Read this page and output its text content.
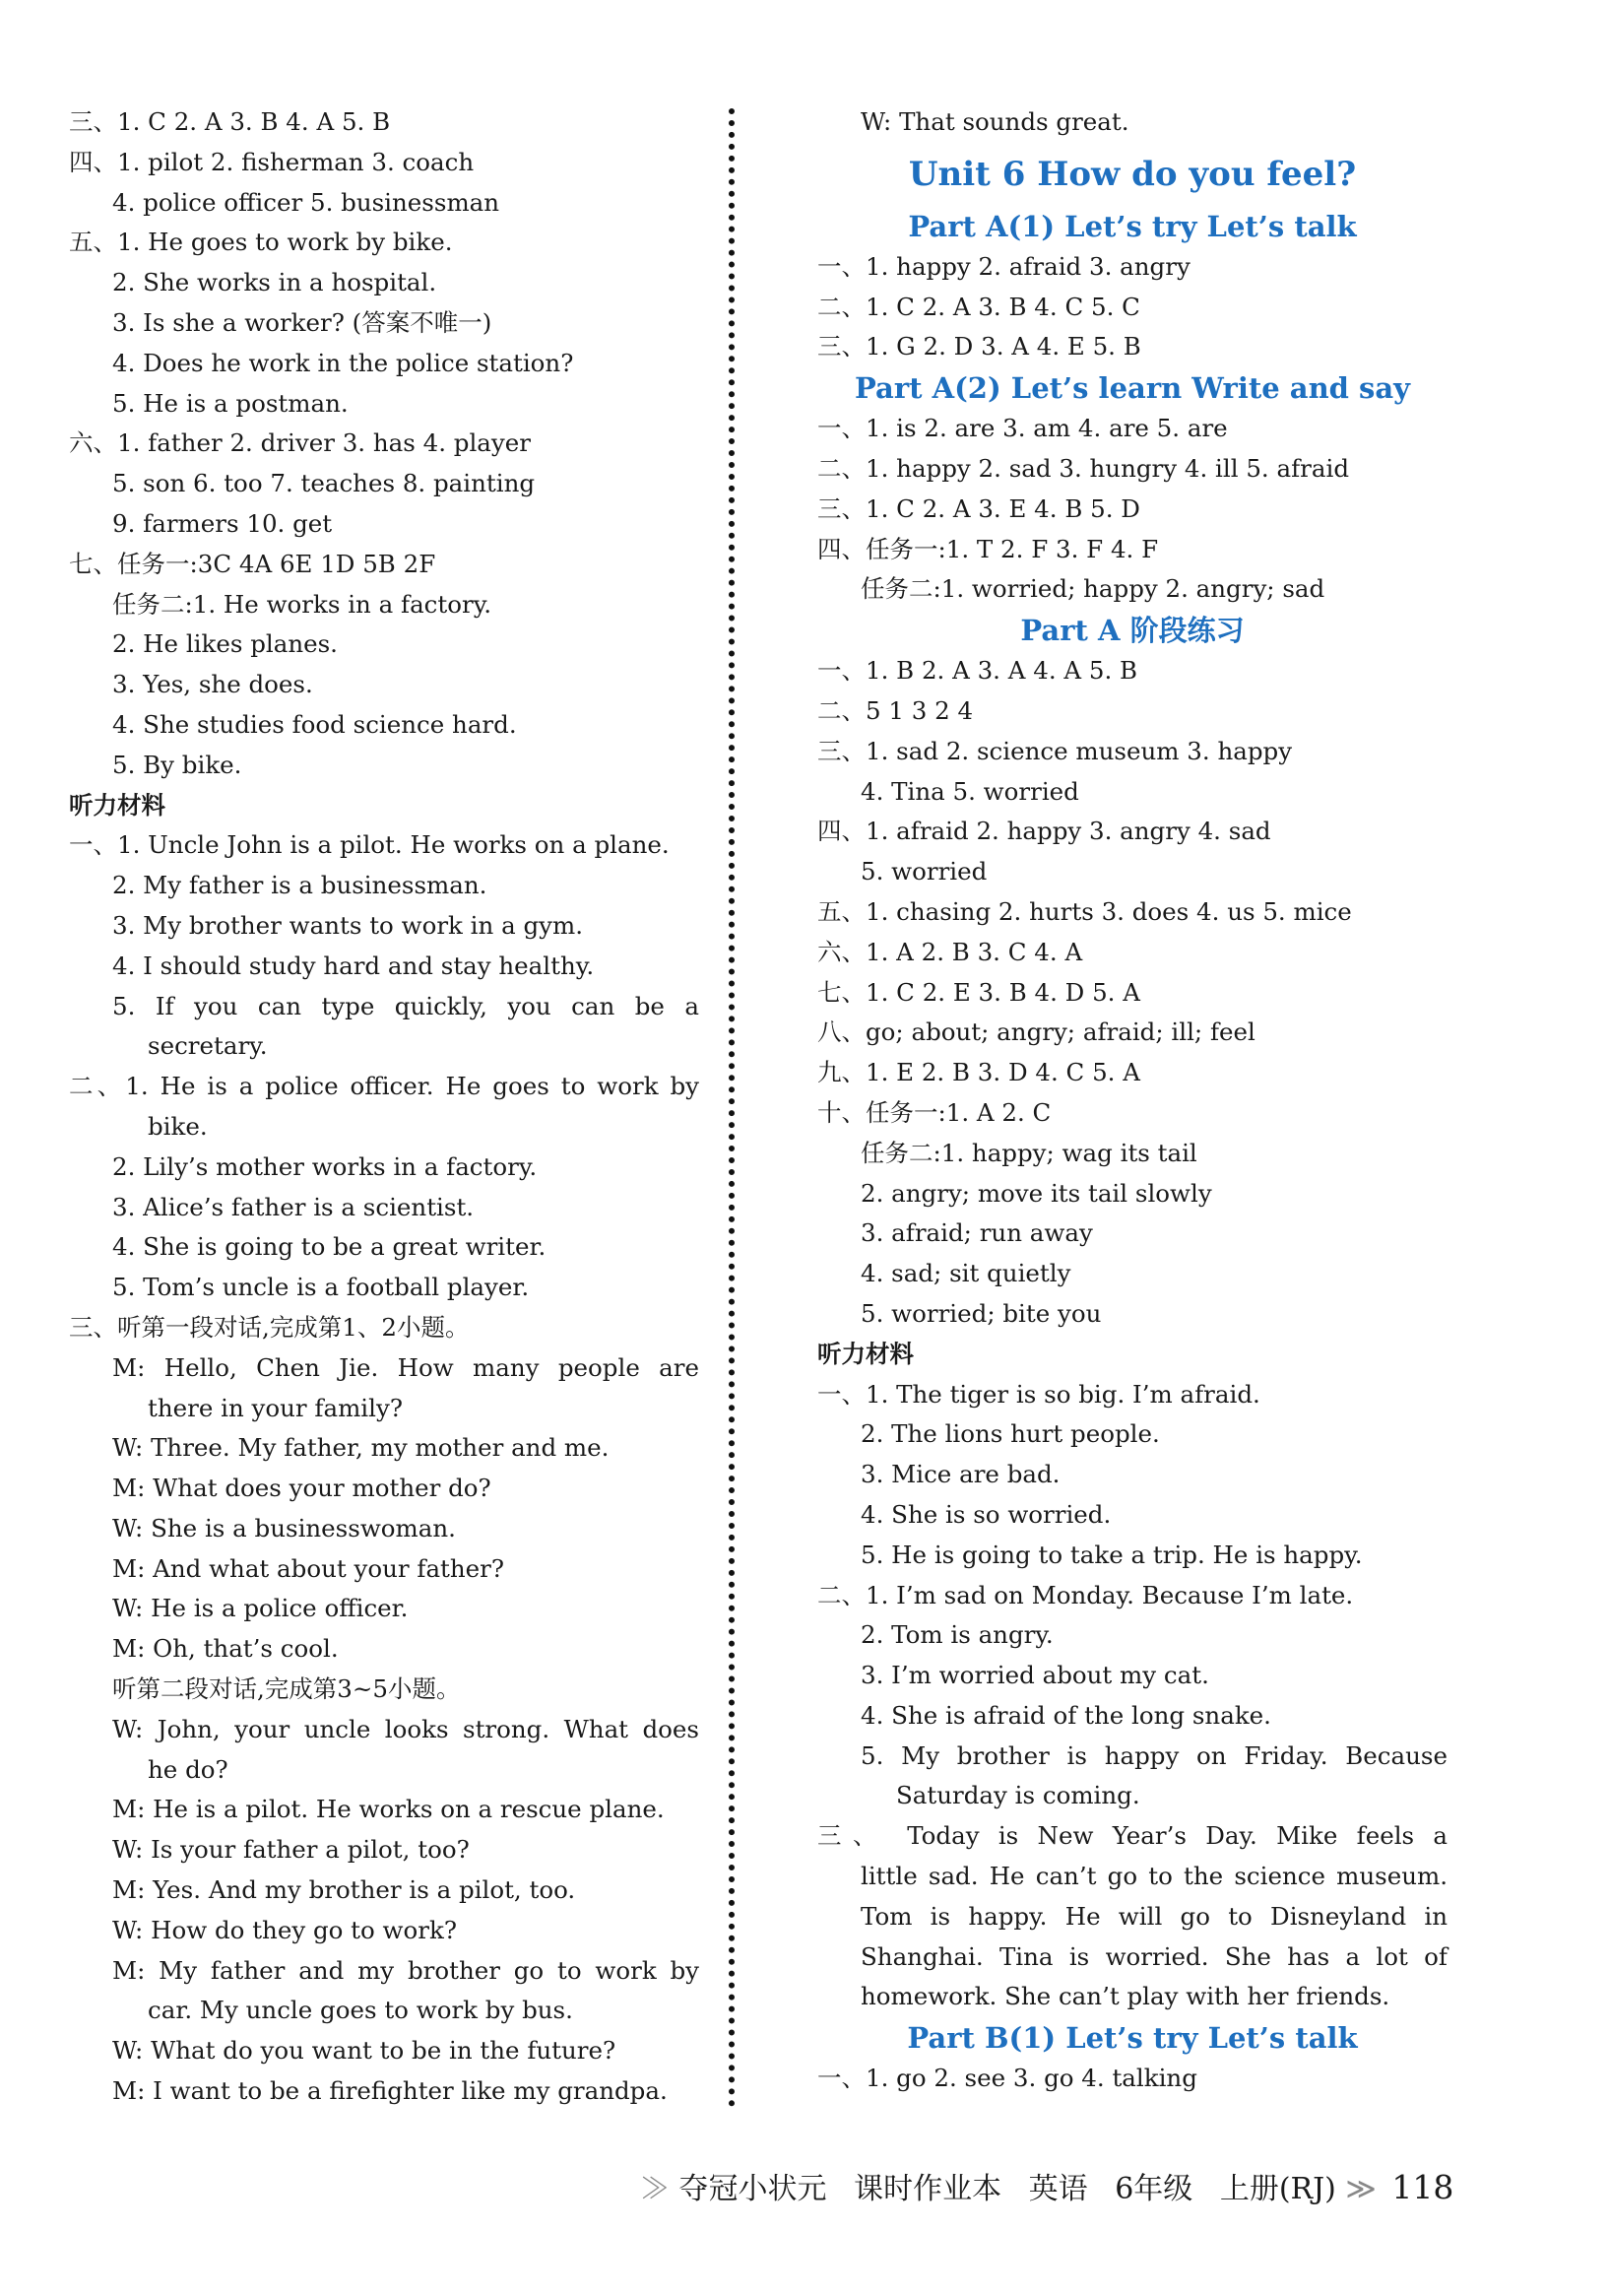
三、1. C 2. A 3. B 4. A 5. B
四、1. pilot 2. fisherman 3. coach
4. police officer 5. businessman
五、1. He goes to work by bike.
2. She works in a hospital.
3. Is she a worker? (答案不唯一)
4. Does he work in the police station?
5. He is a postman.
六、1. father 2. driver 3. has 4. player
5. son 6. too 7. teaches 8. painting
9. farmers 10. get
七、任务一:3C 4A 6E 1D 5B 2F
任务二:1. He works in a factory.
2. He likes planes.
3. Yes, she does.
4. She studies food science hard.
5. By bike.
听力材料
一、1. Uncle John is a pilot. He works on a plane.
2. My father is a businessman.
3. My brother wants to work in a gym.
4. I should study hard and stay healthy.
5. If you can type quickly, you can be a
secretary.
二、1. He is a police officer. He goes to work by
bike.
2. Lily’s mother works in a factory.
3. Alice’s father is a scientist.
4. She is going to be a great writer.
5. Tom’s uncle is a football player.
三、听第一段对话,完成第1、2小题。
M: Hello, Chen Jie. How many people are
there in your family?
W: Three. My father, my mother and me.
M: What does your mother do?
W: She is a businesswoman.
M: And what about your father?
W: He is a police officer.
M: Oh, that’s cool.
听第二段对话,完成第3~5小题。
W: John, your uncle looks strong. What does
he do?
M: He is a pilot. He works on a rescue plane.
W: Is your father a pilot, too?
M: Yes. And my brother is a pilot, too.
W: How do they go to work?
M: My father and my brother go to work by
car. My uncle goes to work by bus.
W: What do you want to be in the future?
M: I want to be a firefighter like my grandpa.
W: That sounds great.
Unit 6 How do you feel?
Part A(1) Let’s try Let’s talk
一、1. happy 2. afraid 3. angry
二、1. C 2. A 3. B 4. C 5. C
三、1. G 2. D 3. A 4. E 5. B
Part A(2) Let’s learn Write and say
一、1. is 2. are 3. am 4. are 5. are
二、1. happy 2. sad 3. hungry 4. ill 5. afraid
三、1. C 2. A 3. E 4. B 5. D
四、任务一:1. T 2. F 3. F 4. F
任务二:1. worried; happy 2. angry; sad
Part A 阶段练习
一、1. B 2. A 3. A 4. A 5. B
二、5 1 3 2 4
三、1. sad 2. science museum 3. happy
4. Tina 5. worried
四、1. afraid 2. happy 3. angry 4. sad
5. worried
五、1. chasing 2. hurts 3. does 4. us 5. mice
六、1. A 2. B 3. C 4. A
七、1. C 2. E 3. B 4. D 5. A
八、go; about; angry; afraid; ill; feel
九、1. E 2. B 3. D 4. C 5. A
十、任务一:1. A 2. C
任务二:1. happy; wag its tail
2. angry; move its tail slowly
3. afraid; run away
4. sad; sit quietly
5. worried; bite you
听力材料
一、1. The tiger is so big. I’m afraid.
2. The lions hurt people.
3. Mice are bad.
4. She is so worried.
5. He is going to take a trip. He is happy.
二、1. I’m sad on Monday. Because I’m late.
2. Tom is angry.
3. I’m worried about my cat.
4. She is afraid of the long snake.
5. My brother is happy on Friday. Because
Saturday is coming.
三、 Today is New Year’s Day. Mike feels a
little sad. He can’t go to the science museum.
Tom is happy. He will go to Disneyland in
Shanghai. Tina is worried. She has a lot of
homework. She can’t play with her friends.
Part B(1) Let’s try Let’s talk
一、1. go 2. see 3. go 4. talking
≫ 夺冠小状元 课时作业本 英语 6年级 上册(RJ) ≫ 118
